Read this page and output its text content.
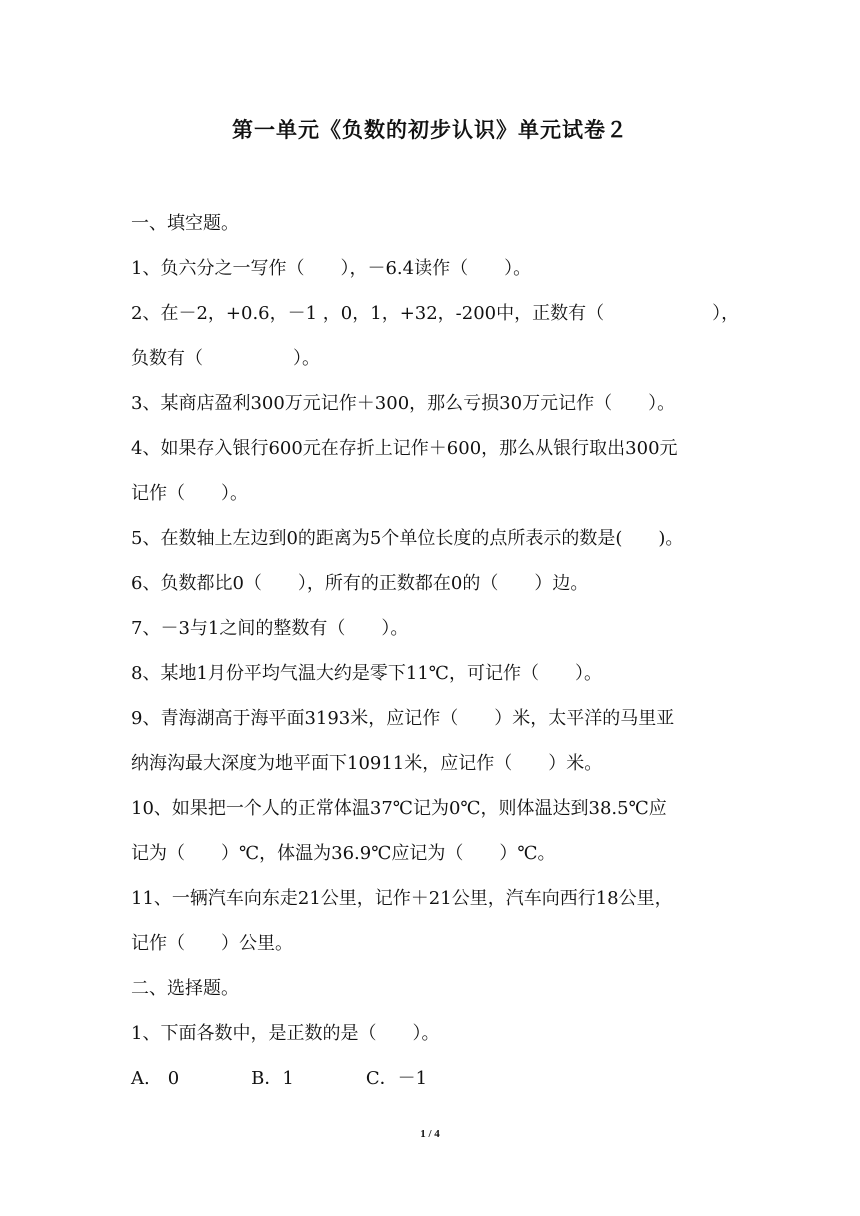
第一单元《负数的初步认识》单元试卷２
一、填空题。
1、负六分之一写作（　　），－6.4读作（　　）。
2、在－2，+0.6，－1 ，0，1，+32，-200中，正数有（　　　　　　），
负数有（　　　　　）。
3、某商店盈利300万元记作＋300，那么亏损30万元记作（　　）。
4、如果存入银行600元在存折上记作＋600，那么从银行取出300元
记作（　　）。
5、在数轴上左边到0的距离为5个单位长度的点所表示的数是(　　)。
6、负数都比0（　　），所有的正数都在0的（　　）边。
7、－3与1之间的整数有（　　）。
8、某地1月份平均气温大约是零下11℃，可记作（　　）。
9、青海湖高于海平面3193米，应记作（　　）米，太平洋的马里亚
纳海沟最大深度为地平面下10911米，应记作（　　）米。
10、如果把一个人的正常体温37℃记为0℃，则体温达到38.5℃应
记为（　　）℃，体温为36.9℃应记为（　　）℃。
11、一辆汽车向东走21公里，记作＋21公里，汽车向西行18公里，
记作（　　）公里。
二、选择题。
1、下面各数中，是正数的是（　　）。
A.　0　　　　B．1　　　　C．－1
1 / 4
